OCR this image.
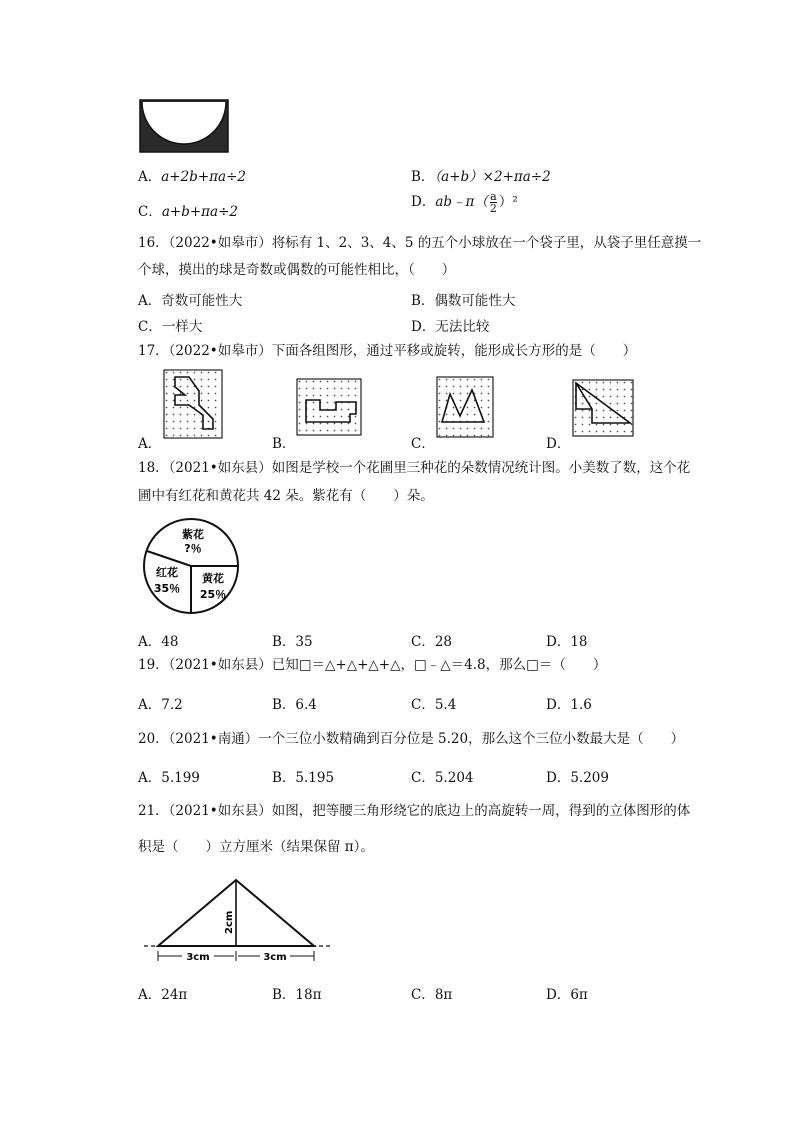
A．a+2b+πa÷2	B．（a+b）×2+πa÷2
C．a+b+πa÷2
D．ab﹣π（ $\frac{a}{2} )^2$
16．（2022•如皋市）将标有 1、2、3、4、5 的五个小球放在一个袋子里，从袋子里任意摸一
个球，摸出的球是奇数或偶数的可能性相比，（　　）
A．奇数可能性大	B．偶数可能性大
C．一样大	D．无法比较
17．（2022•如皋市）下面各组图形，通过平移或旋转，能形成长方形的是（　　）
A．	B．	C．	D．
18．（2021•如东县）如图是学校一个花圃里三种花的朵数情况统计图。小美数了数，这个花
圃中有红花和黄花共 42 朵。紫花有（　　）朵。
紫花
?％
红花
35％
黄花
25％
A．48	B．35	C．28	D．18
19．（2021•如东县）已知□＝△+△+△+△，□﹣△＝4.8，那么□＝（　　）
A．7.2	B．6.4	C．5.4	D．1.6
20．（2021•南通）一个三位小数精确到百分位是 5.20，那么这个三位小数最大是（　　）
A．5.199	B．5.195	C．5.204	D．5.209
21．（2021•如东县）如图，把等腰三角形绕它的底边上的高旋转一周，得到的立体图形的体
积是（　　）立方厘米（结果保留 π）。
2cm
3cm	3cm
A．24π	B．18π	C．8π	D．6π
